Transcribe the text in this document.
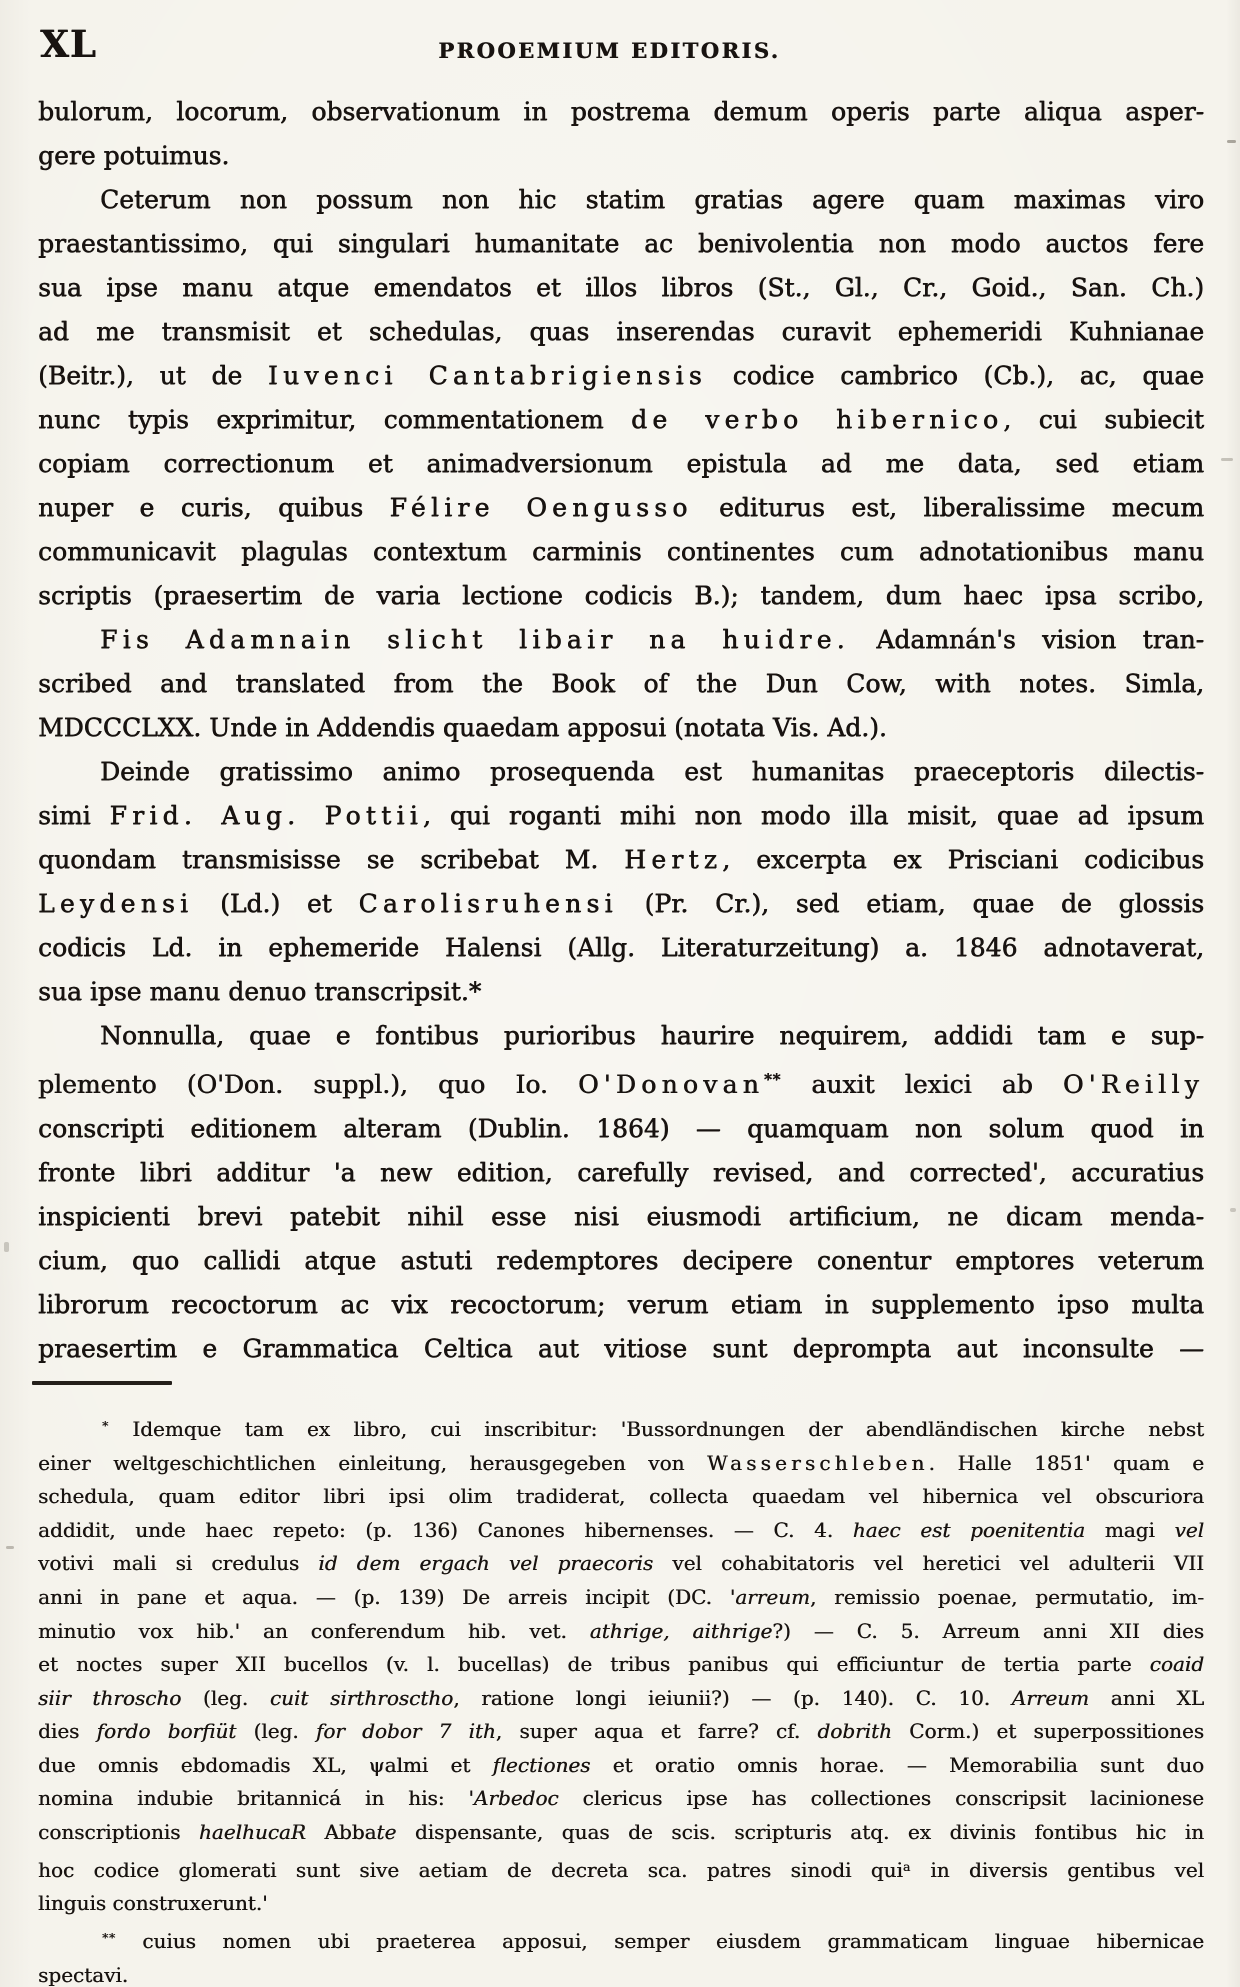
XL	PROOEMIUM EDITORIS.
bulorum, locorum, observationum in postrema demum operis parte aliqua asper-
gere potuimus.
Ceterum non possum non hic statim gratias agere quam maximas viro
praestantissimo, qui singulari humanitate ac benivolentia non modo auctos fere
sua ipse manu atque emendatos et illos libros (St., Gl., Cr., Goid., San. Ch.)
ad me transmisit et schedulas, quas inserendas curavit ephemeridi Kuhnianae
(Beitr.), ut de Iuvenci Cantabrigiensis codice cambrico (Cb.), ac, quae
nunc typis exprimitur, commentationem de verbo hibernico, cui subiecit
copiam correctionum et animadversionum epistula ad me data, sed etiam
nuper e curis, quibus Félire Oengusso editurus est, liberalissime mecum
communicavit plagulas contextum carminis continentes cum adnotationibus manu
scriptis (praesertim de varia lectione codicis B.); tandem, dum haec ipsa scribo,
Fis Adamnain slicht libair na huidre. Adamnán's vision tran-
scribed and translated from the Book of the Dun Cow, with notes. Simla,
MDCCCLXX. Unde in Addendis quaedam apposui (notata Vis. Ad.).
Deinde gratissimo animo prosequenda est humanitas praeceptoris dilectis-
simi Frid. Aug. Pottii, qui roganti mihi non modo illa misit, quae ad ipsum
quondam transmisisse se scribebat M. Hertz, excerpta ex Prisciani codicibus
Leydensi (Ld.) et Carolisruhensi (Pr. Cr.), sed etiam, quae de glossis
codicis Ld. in ephemeride Halensi (Allg. Literaturzeitung) a. 1846 adnotaverat,
sua ipse manu denuo transcripsit.*
Nonnulla, quae e fontibus purioribus haurire nequirem, addidi tam e sup-
plemento (O'Don. suppl.), quo Io. O'Donovan** auxit lexici ab O'Reilly
conscripti editionem alteram (Dublin. 1864) — quamquam non solum quod in
fronte libri additur 'a new edition, carefully revised, and corrected', accuratius
inspicienti brevi patebit nihil esse nisi eiusmodi artificium, ne dicam menda-
cium, quo callidi atque astuti redemptores decipere conentur emptores veterum
librorum recoctorum ac vix recoctorum; verum etiam in supplemento ipso multa
praesertim e Grammatica Celtica aut vitiose sunt deprompta aut inconsulte —
* Idemque tam ex libro, cui inscribitur: 'Bussordnungen der abendländischen kirche nebst
einer weltgeschichtlichen einleitung, herausgegeben von Wasserschleben. Halle 1851' quam e
schedula, quam editor libri ipsi olim tradiderat, collecta quaedam vel hibernica vel obscuriora
addidit, unde haec repeto: (p. 136) Canones hibernenses. — C. 4. haec est poenitentia magi vel
votivi mali si credulus id dem ergach vel praecoris vel cohabitatoris vel heretici vel adulterii VII
anni in pane et aqua. — (p. 139) De arreis incipit (DC. 'arreum, remissio poenae, permutatio, im-
minutio vox hib.' an conferendum hib. vet. athrige, aithrige?) — C. 5. Arreum anni XII dies
et noctes super XII bucellos (v. l. bucellas) de tribus panibus qui efficiuntur de tertia parte coaid
siir throscho (leg. cuit sirthrosctho, ratione longi ieiunii?) — (p. 140). C. 10. Arreum anni XL
dies fordo borfiüt (leg. for dobor 7 ith, super aqua et farre? cf. dobrith Corm.) et superpossitiones
due omnis ebdomadis XL, ψalmi et flectiones et oratio omnis horae. — Memorabilia sunt duo
nomina indubie britannicá in his: 'Arbedoc clericus ipse has collectiones conscripsit lacinionese
conscriptionis haelhucaR Abbate dispensante, quas de scis. scripturis atq. ex divinis fontibus hic in
hoc codice glomerati sunt sive aetiam de decreta sca. patres sinodi qui$^a$ in diversis gentibus vel
linguis construxerunt.'
** cuius nomen ubi praeterea apposui, semper eiusdem grammaticam linguae hibernicae
spectavi.
